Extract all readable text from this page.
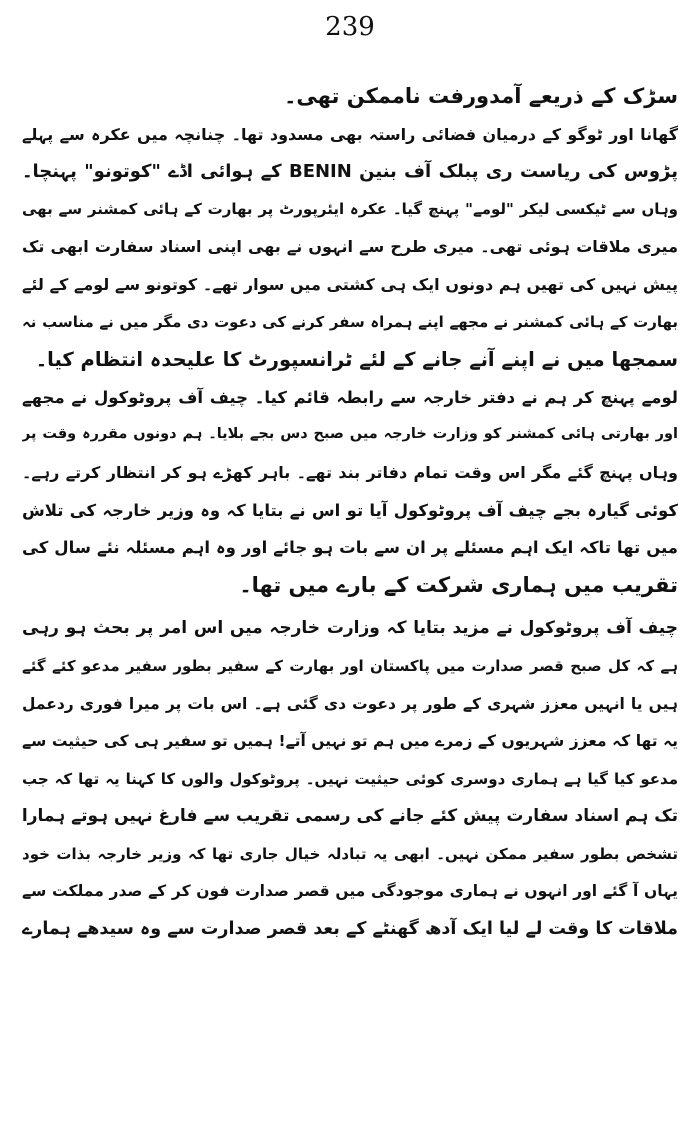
239
سڑک کے ذریعے آمدورفت ناممکن تھی۔
گھانا اور ٹوگو کے درمیان فضائی راستہ بھی مسدود تھا۔ چنانچہ میں عکرہ سے پہلے
پڑوس کی ریاست ری پبلک آف بنین BENIN کے ہوائی اڈے "کوتونو" پہنچا۔
وہاں سے ٹیکسی لیکر "لومے" پہنچ گیا۔ عکرہ ایئرپورٹ پر بھارت کے ہائی کمشنر سے بھی
میری ملاقات ہوئی تھی۔ میری طرح سے انہوں نے بھی اپنی اسناد سفارت ابھی تک
پیش نہیں کی تھیں ہم دونوں ایک ہی کشتی میں سوار تھے۔ کوتونو سے لومے کے لئے
بھارت کے ہائی کمشنر نے مجھے اپنے ہمراہ سفر کرنے کی دعوت دی مگر میں نے مناسب نہ
سمجھا میں نے اپنے آنے جانے کے لئے ٹرانسپورٹ کا علیحدہ انتظام کیا۔
لومے پہنچ کر ہم نے دفتر خارجہ سے رابطہ قائم کیا۔ چیف آف پروٹوکول نے مجھے
اور بھارتی ہائی کمشنر کو وزارت خارجہ میں صبح دس بجے بلایا۔ ہم دونوں مقررہ وقت پر
وہاں پہنچ گئے مگر اس وقت تمام دفاتر بند تھے۔ باہر کھڑے ہو کر انتظار کرتے رہے۔
کوئی گیارہ بجے چیف آف پروٹوکول آیا تو اس نے بتایا کہ وہ وزیر خارجہ کی تلاش
میں تھا تاکہ ایک اہم مسئلے پر ان سے بات ہو جائے اور وہ اہم مسئلہ نئے سال کی
تقریب میں ہماری شرکت کے بارے میں تھا۔
چیف آف پروٹوکول نے مزید بتایا کہ وزارت خارجہ میں اس امر پر بحث ہو رہی
ہے کہ کل صبح قصر صدارت میں پاکستان اور بھارت کے سفیر بطور سفیر مدعو کئے گئے
ہیں یا انہیں معزز شہری کے طور پر دعوت دی گئی ہے۔ اس بات پر میرا فوری ردعمل
یہ تھا کہ معزز شہریوں کے زمرے میں ہم تو نہیں آتے! ہمیں تو سفیر ہی کی حیثیت سے
مدعو کیا گیا ہے ہماری دوسری کوئی حیثیت نہیں۔ پروٹوکول والوں کا کہنا یہ تھا کہ جب
تک ہم اسناد سفارت پیش کئے جانے کی رسمی تقریب سے فارغ نہیں ہوتے ہمارا
تشخص بطور سفیر ممکن نہیں۔ ابھی یہ تبادلہ خیال جاری تھا کہ وزیر خارجہ بذات خود
یہاں آ گئے اور انہوں نے ہماری موجودگی میں قصر صدارت فون کر کے صدر مملکت سے
ملاقات کا وقت لے لیا ایک آدھ گھنٹے کے بعد قصر صدارت سے وہ سیدھے ہمارے
